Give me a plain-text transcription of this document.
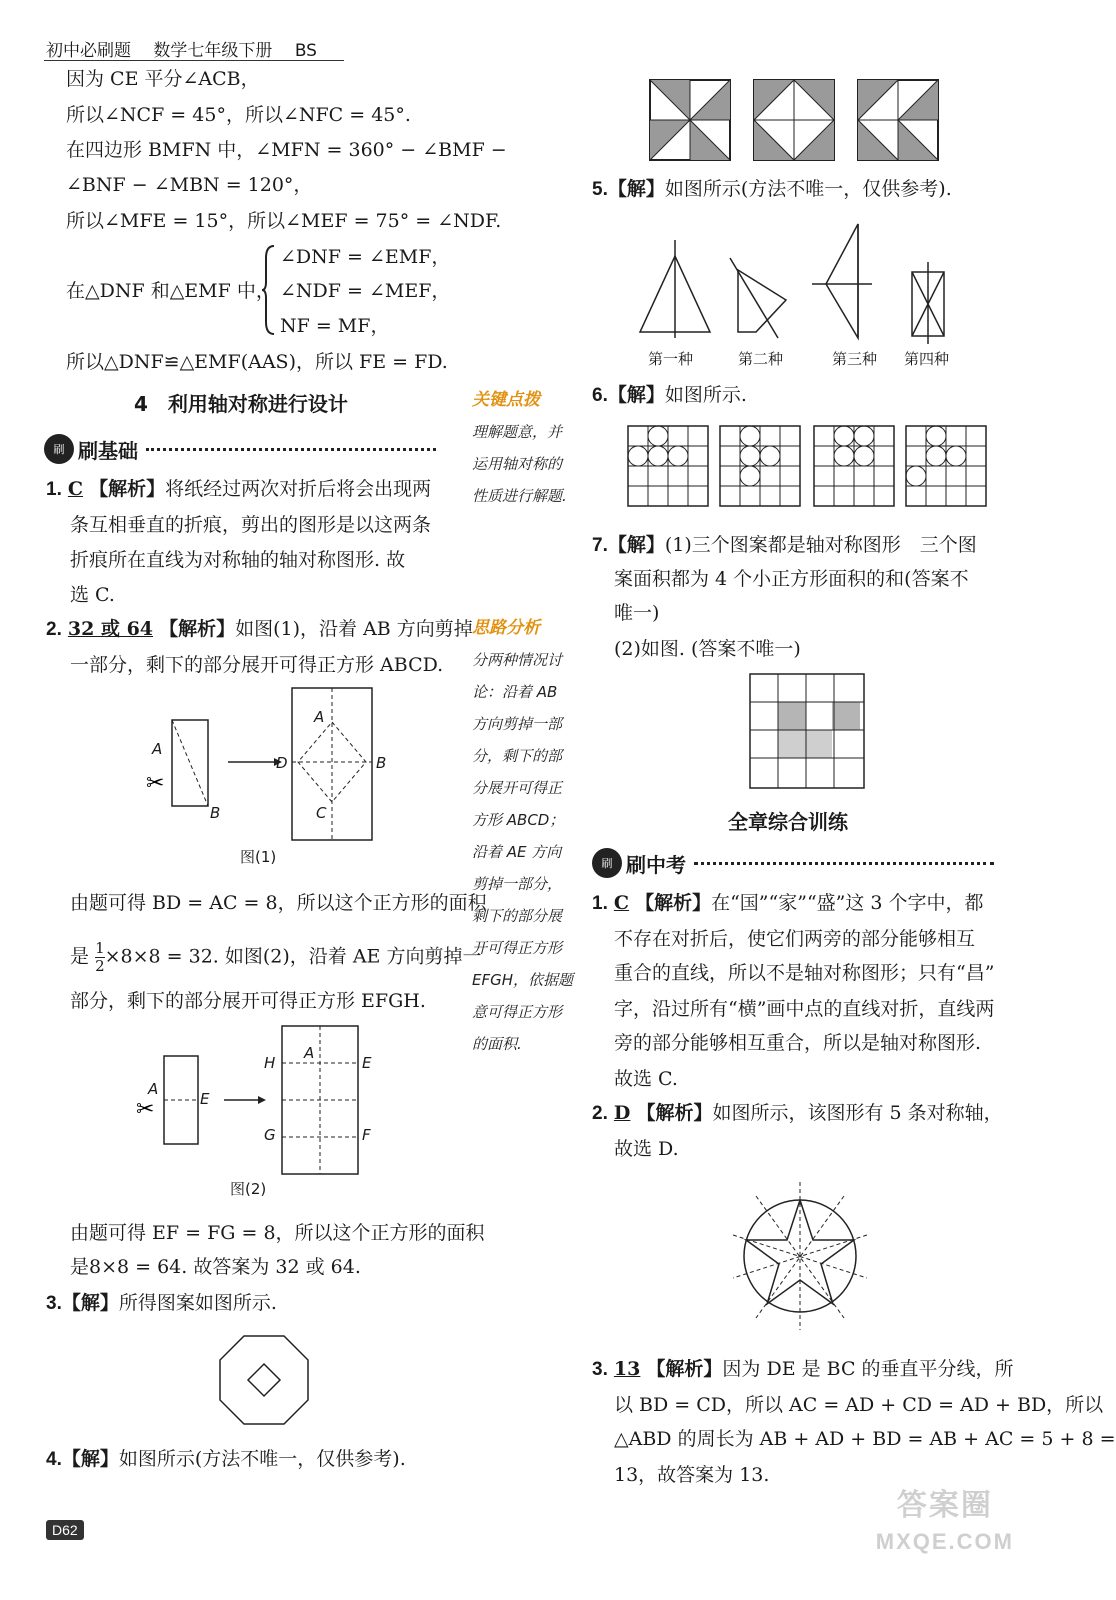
初中必刷题　 数学七年级下册　 BS
因为 CE 平分∠ACB，
所以∠NCF = 45°，所以∠NFC = 45°.
在四边形 BMFN 中，∠MFN = 360° − ∠BMF −
∠BNF − ∠MBN = 120°，
所以∠MFE = 15°，所以∠MEF = 75° = ∠NDF.
在△DNF 和△EMF 中，
∠DNF = ∠EMF，
∠NDF = ∠MEF，
NF = MF，
所以△DNF≌△EMF(AAS)，所以 FE = FD.
4　利用轴对称进行设计
刷 刷基础
1. C 【解析】将纸经过两次对折后将会出现两
条互相垂直的折痕，剪出的图形是以这两条
折痕所在直线为对称轴的轴对称图形. 故
选 C.
2. 32 或 64 【解析】如图(1)，沿着 AB 方向剪掉
一部分，剩下的部分展开可得正方形 ABCD.
✂
A
B
A
D	B
C
图(1)
由题可得 BD = AC = 8，所以这个正方形的面积
是 $\frac{1}{2} \times 8\times 8 = 32$. 如图(2)，沿着 AE 方向剪掉一
部分，剩下的部分展开可得正方形 EFGH.
✂
A
E
H
A
E
G	F
图(2)
由题可得 EF = FG = 8，所以这个正方形的面积
是8×8 = 64. 故答案为 32 或 64.
3.【解】所得图案如图所示.
4.【解】如图所示(方法不唯一，仅供参考).
D62
关键点拨
理解题意，并
运用轴对称的
性质进行解题.
思路分析
分两种情况讨
论：沿着 AB
方向剪掉一部
分，剩下的部
分展开可得正
方形 ABCD；
沿着 AE 方向
剪掉一部分，
剩下的部分展
开可得正方形
EFGH，依据题
意可得正方形
的面积.
5.【解】如图所示(方法不唯一，仅供参考).
第一种	第二种	第三种 第四种
6.【解】如图所示.
7.【解】(1)三个图案都是轴对称图形　三个图
案面积都为 4 个小正方形面积的和(答案不
唯一)
(2)如图. (答案不唯一)
全章综合训练
刷 刷中考
1. C 【解析】在“国”“家”“盛”这 3 个字中，都
不存在对折后，使它们两旁的部分能够相互
重合的直线，所以不是轴对称图形；只有“昌”
字，沿过所有“横”画中点的直线对折，直线两
旁的部分能够相互重合，所以是轴对称图形.
故选 C.
2. D 【解析】如图所示，该图形有 5 条对称轴，
故选 D.
3. 13 【解析】因为 DE 是 BC 的垂直平分线，所
以 BD = CD，所以 AC = AD + CD = AD + BD，所以
△ABD 的周长为 AB + AD + BD = AB + AC = 5 + 8 =
13，故答案为 13.
答案圈
MXQE.COM
